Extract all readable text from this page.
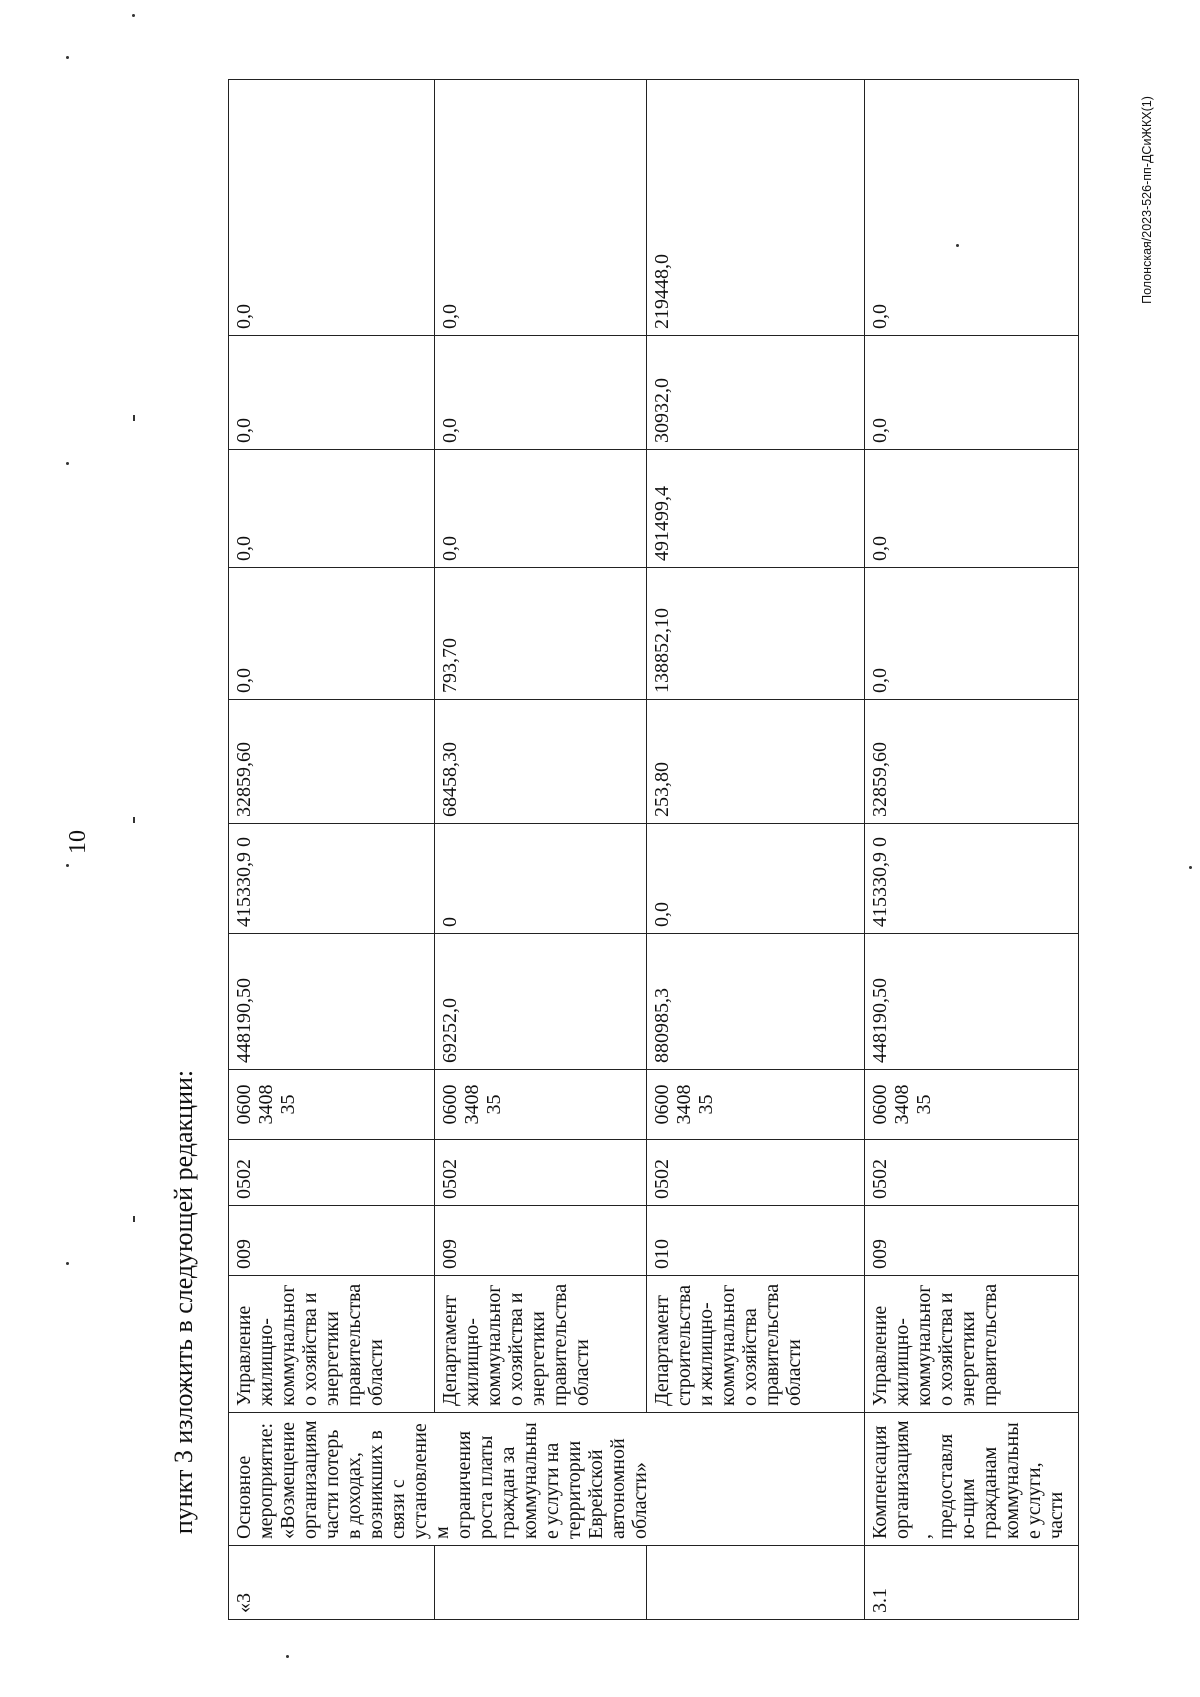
10
пункт 3 изложить в следующей редакции:
Полонская/2023-526-пп-ДСиЖКХ(1)
«3	Основное мероприятие: «Возмещение организациям части потерь в доходах, возникших в связи с установлением ограничения роста платы граждан за коммунальные услуги на территории Еврейской автономной области»	Управление жилищно-коммунального хозяйства и энергетики правительства области	009	0502	0600 3408 35	448190,50	415330,9 0	32859,60	0,0	0,0	0,0	0,0
		Департамент жилищно-коммунального хозяйства и энергетики правительства области	009	0502	0600 3408 35	69252,0	0	68458,30	793,70	0,0	0,0	0,0
		Департамент строительства и жилищно-коммунального хозяйства правительства области	010	0502	0600 3408 35	880985,3	0,0	253,80	138852,10	491499,4	30932,0	219448,0
3.1	Компенсация организациям, предоставляю-щим гражданам коммунальные услуги, части	Управление жилищно-коммунального хозяйства и энергетики правительства	009	0502	0600 3408 35	448190,50	415330,9 0	32859,60	0,0	0,0	0,0	0,0
